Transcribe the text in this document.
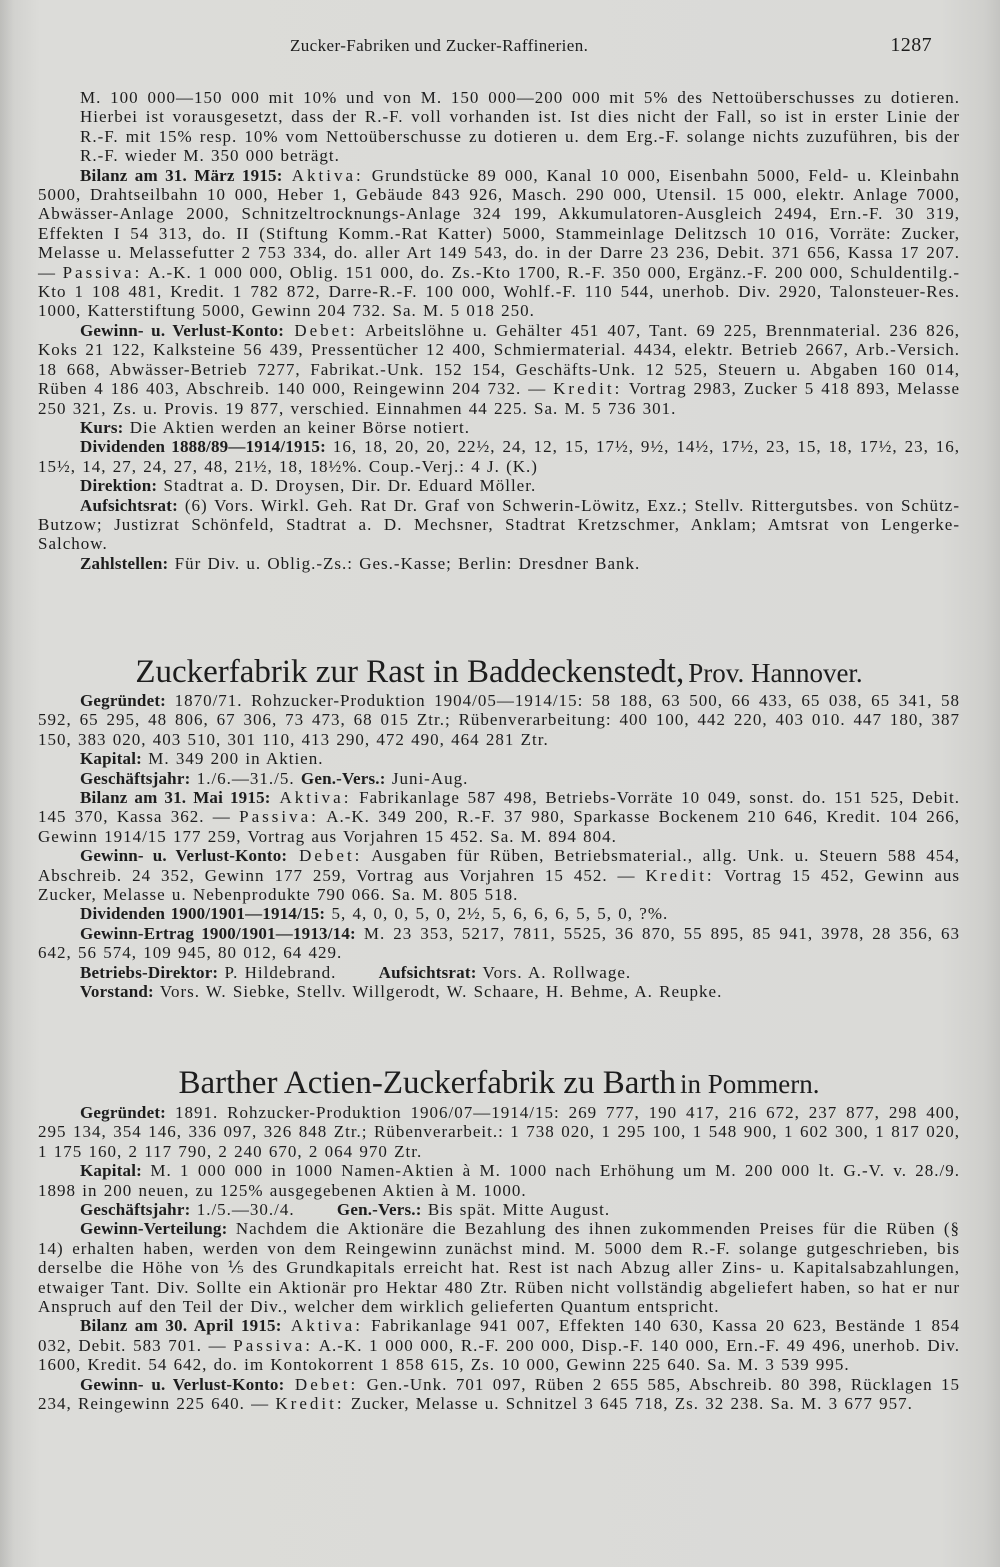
Zucker-Fabriken und Zucker-Raffinerien.	1287

M. 100 000—150 000 mit 10% und von M. 150 000—200 000 mit 5% des Nettoüberschusses zu dotieren. Hierbei ist vorausgesetzt, dass der R.-F. voll vorhanden ist. Ist dies nicht der Fall, so ist in erster Linie der R.-F. mit 15% resp. 10% vom Nettoüberschusse zu dotieren u. dem Erg.-F. solange nichts zuzuführen, bis der R.-F. wieder M. 350 000 beträgt.

Bilanz am 31. März 1915: Aktiva: Grundstücke 89 000, Kanal 10 000, Eisenbahn 5000, Feld- u. Kleinbahn 5000, Drahtseilbahn 10 000, Heber 1, Gebäude 843 926, Masch. 290 000, Utensil. 15 000, elektr. Anlage 7000, Abwässer-Anlage 2000, Schnitzeltrocknungs-Anlage 324 199, Akkumulatoren-Ausgleich 2494, Ern.-F. 30 319, Effekten I 54 313, do. II (Stiftung Komm.-Rat Katter) 5000, Stammeinlage Delitzsch 10 016, Vorräte: Zucker, Melasse u. Melassefutter 2 753 334, do. aller Art 149 543, do. in der Darre 23 236, Debit. 371 656, Kassa 17 207. — Passiva: A.-K. 1 000 000, Oblig. 151 000, do. Zs.-Kto 1700, R.-F. 350 000, Ergänz.-F. 200 000, Schuldentilg.-Kto 1 108 481, Kredit. 1 782 872, Darre-R.-F. 100 000, Wohlf.-F. 110 544, unerhob. Div. 2920, Talonsteuer-Res. 1000, Katterstiftung 5000, Gewinn 204 732. Sa. M. 5 018 250.

Gewinn- u. Verlust-Konto: Debet: Arbeitslöhne u. Gehälter 451 407, Tant. 69 225, Brennmaterial. 236 826, Koks 21 122, Kalksteine 56 439, Pressentücher 12 400, Schmiermaterial. 4434, elektr. Betrieb 2667, Arb.-Versich. 18 668, Abwässer-Betrieb 7277, Fabrikat.-Unk. 152 154, Geschäfts-Unk. 12 525, Steuern u. Abgaben 160 014, Rüben 4 186 403, Abschreib. 140 000, Reingewinn 204 732. — Kredit: Vortrag 2983, Zucker 5 418 893, Melasse 250 321, Zs. u. Provis. 19 877, verschied. Einnahmen 44 225. Sa. M. 5 736 301.

Kurs: Die Aktien werden an keiner Börse notiert.

Dividenden 1888/89—1914/1915: 16, 18, 20, 20, 22½, 24, 12, 15, 17½, 9½, 14½, 17½, 23, 15, 18, 17½, 23, 16, 15½, 14, 27, 24, 27, 48, 21½, 18, 18½%. Coup.-Verj.: 4 J. (K.)

Direktion: Stadtrat a. D. Droysen, Dir. Dr. Eduard Möller.

Aufsichtsrat: (6) Vors. Wirkl. Geh. Rat Dr. Graf von Schwerin-Löwitz, Exz.; Stellv. Rittergutsbes. von Schütz-Butzow; Justizrat Schönfeld, Stadtrat a. D. Mechsner, Stadtrat Kretzschmer, Anklam; Amtsrat von Lengerke-Salchow.

Zahlstellen: Für Div. u. Oblig.-Zs.: Ges.-Kasse; Berlin: Dresdner Bank.

Zuckerfabrik zur Rast in Baddeckenstedt, Prov. Hannover.

Gegründet: 1870/71. Rohzucker-Produktion 1904/05—1914/15: 58 188, 63 500, 66 433, 65 038, 65 341, 58 592, 65 295, 48 806, 67 306, 73 473, 68 015 Ztr.; Rübenverarbeitung: 400 100, 442 220, 403 010. 447 180, 387 150, 383 020, 403 510, 301 110, 413 290, 472 490, 464 281 Ztr.

Kapital: M. 349 200 in Aktien.

Geschäftsjahr: 1./6.—31./5. Gen.-Vers.: Juni-Aug.

Bilanz am 31. Mai 1915: Aktiva: Fabrikanlage 587 498, Betriebs-Vorräte 10 049, sonst. do. 151 525, Debit. 145 370, Kassa 362. — Passiva: A.-K. 349 200, R.-F. 37 980, Sparkasse Bockenem 210 646, Kredit. 104 266, Gewinn 1914/15 177 259, Vortrag aus Vorjahren 15 452. Sa. M. 894 804.

Gewinn- u. Verlust-Konto: Debet: Ausgaben für Rüben, Betriebsmaterial., allg. Unk. u. Steuern 588 454, Abschreib. 24 352, Gewinn 177 259, Vortrag aus Vorjahren 15 452. — Kredit: Vortrag 15 452, Gewinn aus Zucker, Melasse u. Nebenprodukte 790 066. Sa. M. 805 518.

Dividenden 1900/1901—1914/15: 5, 4, 0, 0, 5, 0, 2½, 5, 6, 6, 6, 5, 5, 0, ?%.

Gewinn-Ertrag 1900/1901—1913/14: M. 23 353, 5217, 7811, 5525, 36 870, 55 895, 85 941, 3978, 28 356, 63 642, 56 574, 109 945, 80 012, 64 429.

Betriebs-Direktor: P. Hildebrand.   Aufsichtsrat: Vors. A. Rollwage.

Vorstand: Vors. W. Siebke, Stellv. Willgerodt, W. Schaare, H. Behme, A. Reupke.

Barther Actien-Zuckerfabrik zu Barth in Pommern.

Gegründet: 1891. Rohzucker-Produktion 1906/07—1914/15: 269 777, 190 417, 216 672, 237 877, 298 400, 295 134, 354 146, 336 097, 326 848 Ztr.; Rübenverarbeit.: 1 738 020, 1 295 100, 1 548 900, 1 602 300, 1 817 020, 1 175 160, 2 117 790, 2 240 670, 2 064 970 Ztr.

Kapital: M. 1 000 000 in 1000 Namen-Aktien à M. 1000 nach Erhöhung um M. 200 000 lt. G.-V. v. 28./9. 1898 in 200 neuen, zu 125% ausgegebenen Aktien à M. 1000.

Geschäftsjahr: 1./5.—30./4.   Gen.-Vers.: Bis spät. Mitte August.

Gewinn-Verteilung: Nachdem die Aktionäre die Bezahlung des ihnen zukommenden Preises für die Rüben (§ 14) erhalten haben, werden von dem Reingewinn zunächst mind. M. 5000 dem R.-F. solange gutgeschrieben, bis derselbe die Höhe von ⅕ des Grundkapitals erreicht hat. Rest ist nach Abzug aller Zins- u. Kapitalsabzahlungen, etwaiger Tant. Div. Sollte ein Aktionär pro Hektar 480 Ztr. Rüben nicht vollständig abgeliefert haben, so hat er nur Anspruch auf den Teil der Div., welcher dem wirklich gelieferten Quantum entspricht.

Bilanz am 30. April 1915: Aktiva: Fabrikanlage 941 007, Effekten 140 630, Kassa 20 623, Bestände 1 854 032, Debit. 583 701. — Passiva: A.-K. 1 000 000, R.-F. 200 000, Disp.-F. 140 000, Ern.-F. 49 496, unerhob. Div. 1600, Kredit. 54 642, do. im Kontokorrent 1 858 615, Zs. 10 000, Gewinn 225 640. Sa. M. 3 539 995.

Gewinn- u. Verlust-Konto: Debet: Gen.-Unk. 701 097, Rüben 2 655 585, Abschreib. 80 398, Rücklagen 15 234, Reingewinn 225 640. — Kredit: Zucker, Melasse u. Schnitzel 3 645 718, Zs. 32 238. Sa. M. 3 677 957.
